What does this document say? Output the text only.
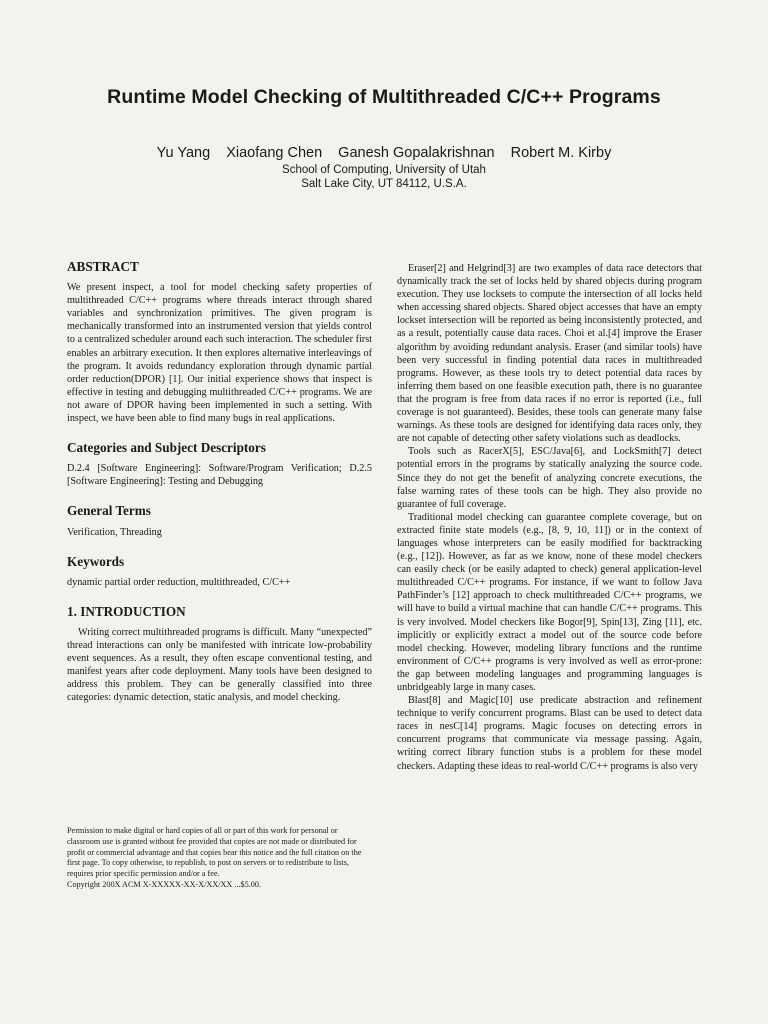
Runtime Model Checking of Multithreaded C/C++ Programs
Yu Yang Xiaofang Chen Ganesh Gopalakrishnan Robert M. Kirby
School of Computing, University of Utah
Salt Lake City, UT 84112, U.S.A.
ABSTRACT

We present inspect, a tool for model checking safety properties of multithreaded C/C++ programs where threads interact through shared variables and synchronization primitives. The given program is mechanically transformed into an instrumented version that yields control to a centralized scheduler around each such interaction. The scheduler first enables an arbitrary execution. It then explores alternative interleavings of the program. It avoids redundancy exploration through dynamic partial order reduction(DPOR) [1]. Our initial experience shows that inspect is effective in testing and debugging multithreaded C/C++ programs. We are not aware of DPOR having been implemented in such a setting. With inspect, we have been able to find many bugs in real applications.

Categories and Subject Descriptors

D.2.4 [Software Engineering]: Software/Program Verification; D.2.5 [Software Engineering]: Testing and Debugging

General Terms

Verification, Threading

Keywords

dynamic partial order reduction, multithreaded, C/C++

1. INTRODUCTION

Writing correct multithreaded programs is difficult. Many “unexpected” thread interactions can only be manifested with intricate low-probability event sequences. As a result, they often escape conventional testing, and manifest years after code deployment. Many tools have been designed to address this problem. They can be generally classified into three categories: dynamic detection, static analysis, and model checking.

Permission to make digital or hard copies of all or part of this work for personal or classroom use is granted without fee provided that copies are not made or distributed for profit or commercial advantage and that copies bear this notice and the full citation on the first page. To copy otherwise, to republish, to post on servers or to redistribute to lists, requires prior specific permission and/or a fee.
Copyright 200X ACM X-XXXXX-XX-X/XX/XX ...$5.00.

Eraser[2] and Helgrind[3] are two examples of data race detectors that dynamically track the set of locks held by shared objects during program execution. They use locksets to compute the intersection of all locks held when accessing shared objects. Shared object accesses that have an empty lockset intersection will be reported as being inconsistently protected, and as a result, potentially cause data races. Choi et al.[4] improve the Eraser algorithm by avoiding redundant analysis. Eraser (and similar tools) have been very successful in finding potential data races in multithreaded programs. However, as these tools try to detect potential data races by inferring them based on one feasible execution path, there is no guarantee that the program is free from data races if no error is reported (i.e., full coverage is not guaranteed). Besides, these tools can generate many false warnings. As these tools are designed for identifying data races only, they are not capable of detecting other safety violations such as deadlocks.

Tools such as RacerX[5], ESC/Java[6], and LockSmith[7] detect potential errors in the programs by statically analyzing the source code. Since they do not get the benefit of analyzing concrete executions, the false warning rates of these tools can be high. They also provide no guarantee of full coverage.

Traditional model checking can guarantee complete coverage, but on extracted finite state models (e.g., [8, 9, 10, 11]) or in the context of languages whose interpreters can be easily modified for backtracking (e.g., [12]). However, as far as we know, none of these model checkers can easily check (or be easily adapted to check) general application-level multithreaded C/C++ programs. For instance, if we want to follow Java PathFinder’s [12] approach to check multithreaded C/C++ programs, we will have to build a virtual machine that can handle C/C++ programs. This is very involved. Model checkers like Bogor[9], Spin[13], Zing [11], etc. implicitly or explicitly extract a model out of the source code before model checking. However, modeling library functions and the runtime environment of C/C++ programs is very involved as well as error-prone: the gap between modeling languages and programming languages is unbridgeably large in many cases.

Blast[8] and Magic[10] use predicate abstraction and refinement technique to verify concurrent programs. Blast can be used to detect data races in nesC[14] programs. Magic focuses on detecting errors in concurrent programs that communicate via message passing. Again, writing correct library function stubs is a problem for these model checkers. Adapting these ideas to real-world C/C++ programs is also very
